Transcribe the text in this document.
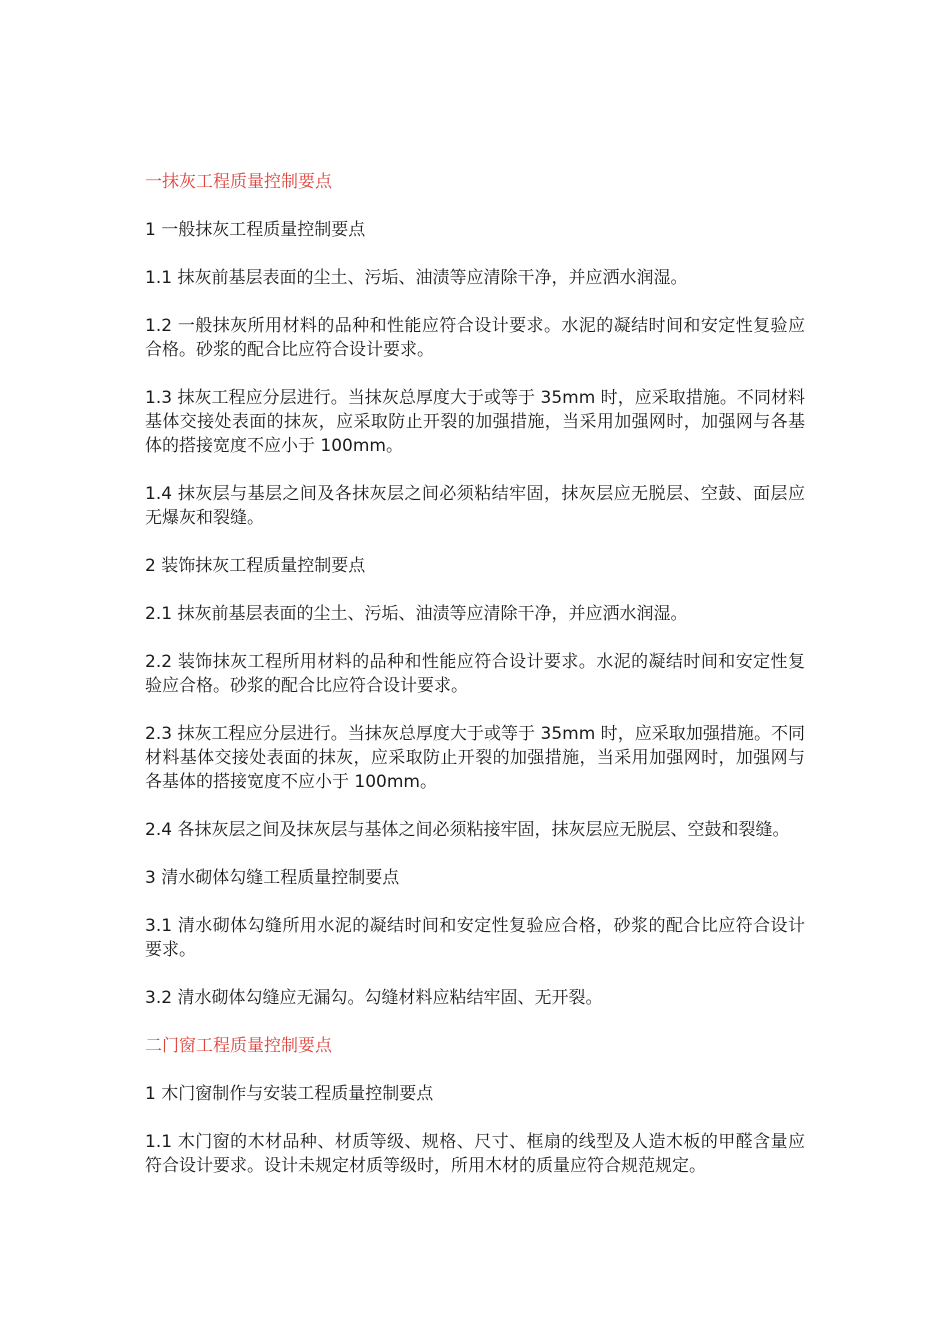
一抹灰工程质量控制要点

1 一般抹灰工程质量控制要点

1.1 抹灰前基层表面的尘土、污垢、油渍等应清除干净，并应洒水润湿。

1.2 一般抹灰所用材料的品种和性能应符合设计要求。水泥的凝结时间和安定性复验应合格。砂浆的配合比应符合设计要求。

1.3 抹灰工程应分层进行。当抹灰总厚度大于或等于 35mm 时，应采取措施。不同材料基体交接处表面的抹灰，应采取防止开裂的加强措施，当采用加强网时，加强网与各基体的搭接宽度不应小于 100mm。

1.4 抹灰层与基层之间及各抹灰层之间必须粘结牢固，抹灰层应无脱层、空鼓、面层应无爆灰和裂缝。

2 装饰抹灰工程质量控制要点

2.1 抹灰前基层表面的尘土、污垢、油渍等应清除干净，并应洒水润湿。

2.2 装饰抹灰工程所用材料的品种和性能应符合设计要求。水泥的凝结时间和安定性复验应合格。砂浆的配合比应符合设计要求。

2.3 抹灰工程应分层进行。当抹灰总厚度大于或等于 35mm 时，应采取加强措施。不同材料基体交接处表面的抹灰，应采取防止开裂的加强措施，当采用加强网时，加强网与各基体的搭接宽度不应小于 100mm。

2.4 各抹灰层之间及抹灰层与基体之间必须粘接牢固，抹灰层应无脱层、空鼓和裂缝。

3 清水砌体勾缝工程质量控制要点

3.1 清水砌体勾缝所用水泥的凝结时间和安定性复验应合格，砂浆的配合比应符合设计要求。

3.2 清水砌体勾缝应无漏勾。勾缝材料应粘结牢固、无开裂。

二门窗工程质量控制要点

1 木门窗制作与安装工程质量控制要点

1.1 木门窗的木材品种、材质等级、规格、尺寸、框扇的线型及人造木板的甲醛含量应符合设计要求。设计未规定材质等级时，所用木材的质量应符合规范规定。
